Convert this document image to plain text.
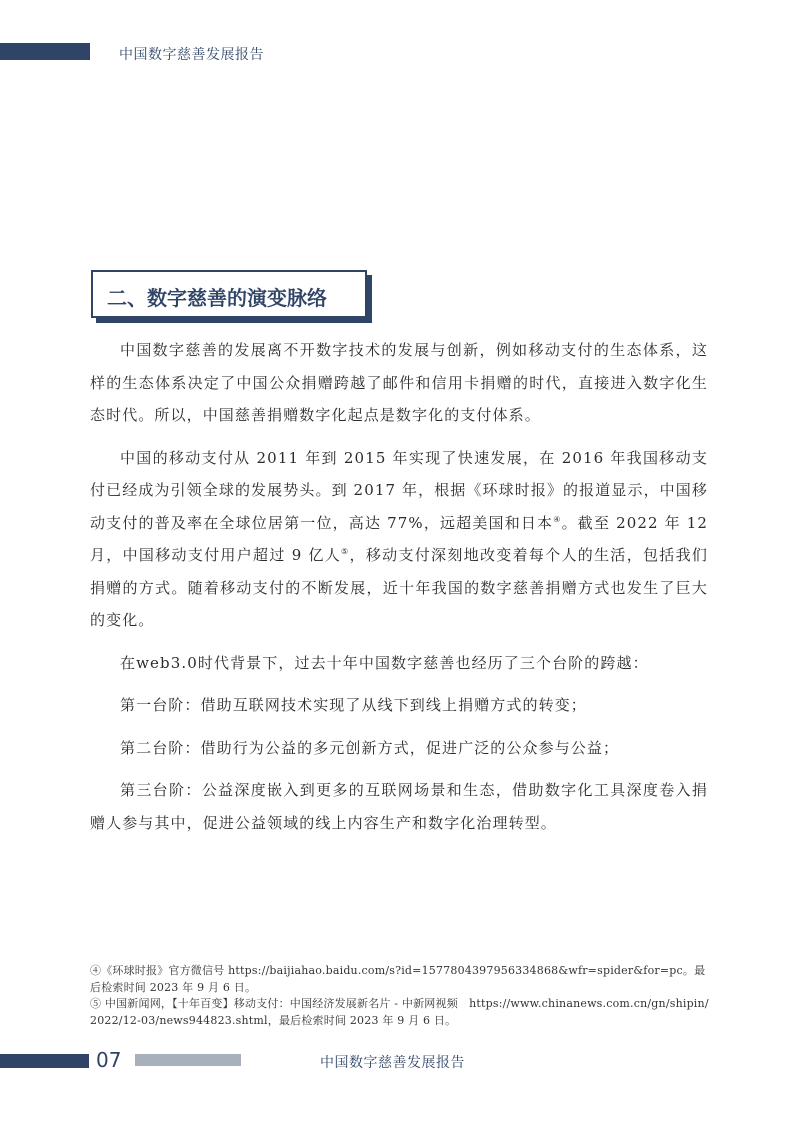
中国数字慈善发展报告
二、数字慈善的演变脉络

中国数字慈善的发展离不开数字技术的发展与创新，例如移动支付的生态体系，这样的生态体系决定了中国公众捐赠跨越了邮件和信用卡捐赠的时代，直接进入数字化生态时代。所以，中国慈善捐赠数字化起点是数字化的支付体系。

中国的移动支付从 2011 年到 2015 年实现了快速发展，在 2016 年我国移动支付已经成为引领全球的发展势头。到 2017 年，根据《环球时报》的报道显示，中国移动支付的普及率在全球位居第一位，高达 77%，远超美国和日本④。截至 2022 年 12 月，中国移动支付用户超过 9 亿人⑤，移动支付深刻地改变着每个人的生活，包括我们捐赠的方式。随着移动支付的不断发展，近十年我国的数字慈善捐赠方式也发生了巨大的变化。

在web3.0时代背景下，过去十年中国数字慈善也经历了三个台阶的跨越：

第一台阶：借助互联网技术实现了从线下到线上捐赠方式的转变；

第二台阶：借助行为公益的多元创新方式，促进广泛的公众参与公益；

第三台阶：公益深度嵌入到更多的互联网场景和生态，借助数字化工具深度卷入捐赠人参与其中，促进公益领域的线上内容生产和数字化治理转型。

④《环球时报》官方微信号 https://baijiahao.baidu.com/s?id=1577804397956334868&wfr=spider&for=pc。最后检索时间 2023 年 9 月 6 日。

⑤ 中国新闻网，【十年百变】移动支付：中国经济发展新名片 - 中新网视频　https://www.chinanews.com.cn/gn/shipin/2022/12-03/news944823.shtml，最后检索时间 2023 年 9 月 6 日。

07	中国数字慈善发展报告
